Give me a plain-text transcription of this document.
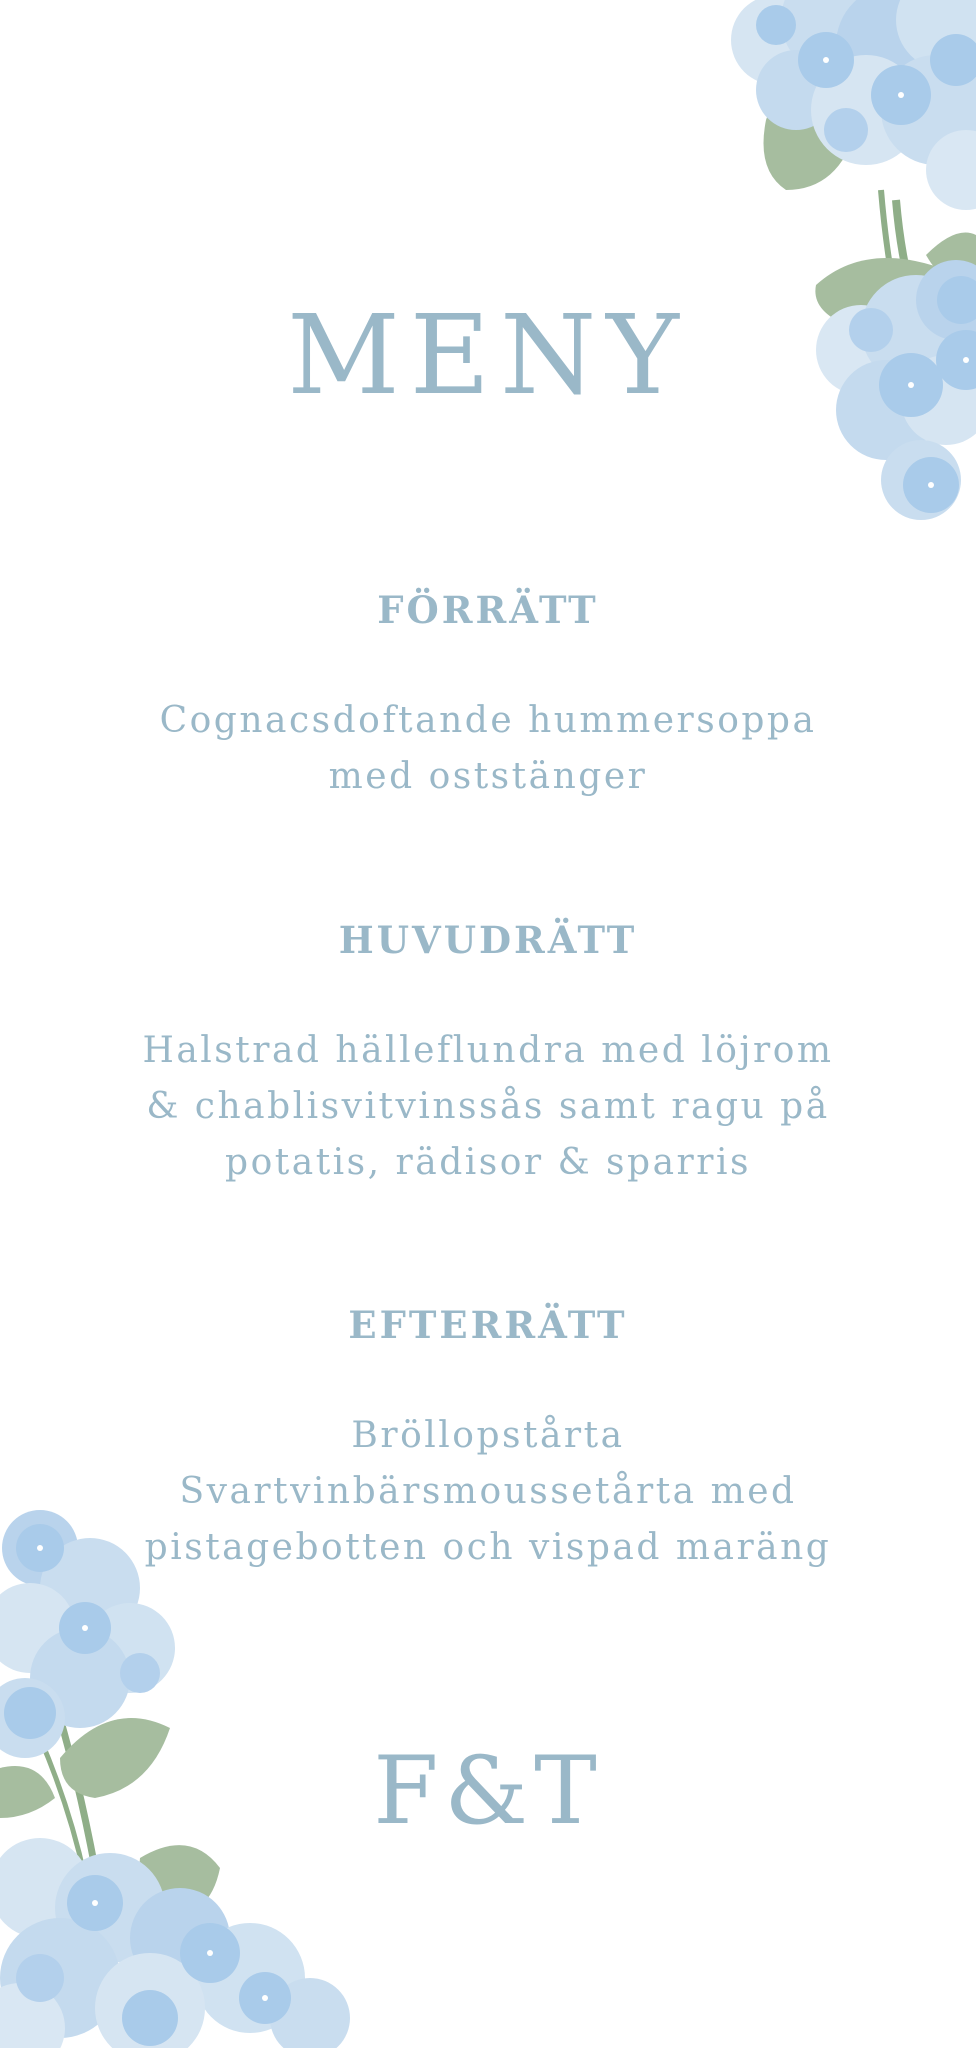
MENY
FÖRRÄTT

Cognacsdoftande hummersoppa
med oststänger

HUVUDRÄTT

Halstrad hälleflundra med löjrom
& chablisvitvinssås samt ragu på
potatis, rädisor & sparris

EFTERRÄTT

Bröllopstårta
Svartvinbärsmoussetårta med
pistagebotten och vispad maräng

F&T
